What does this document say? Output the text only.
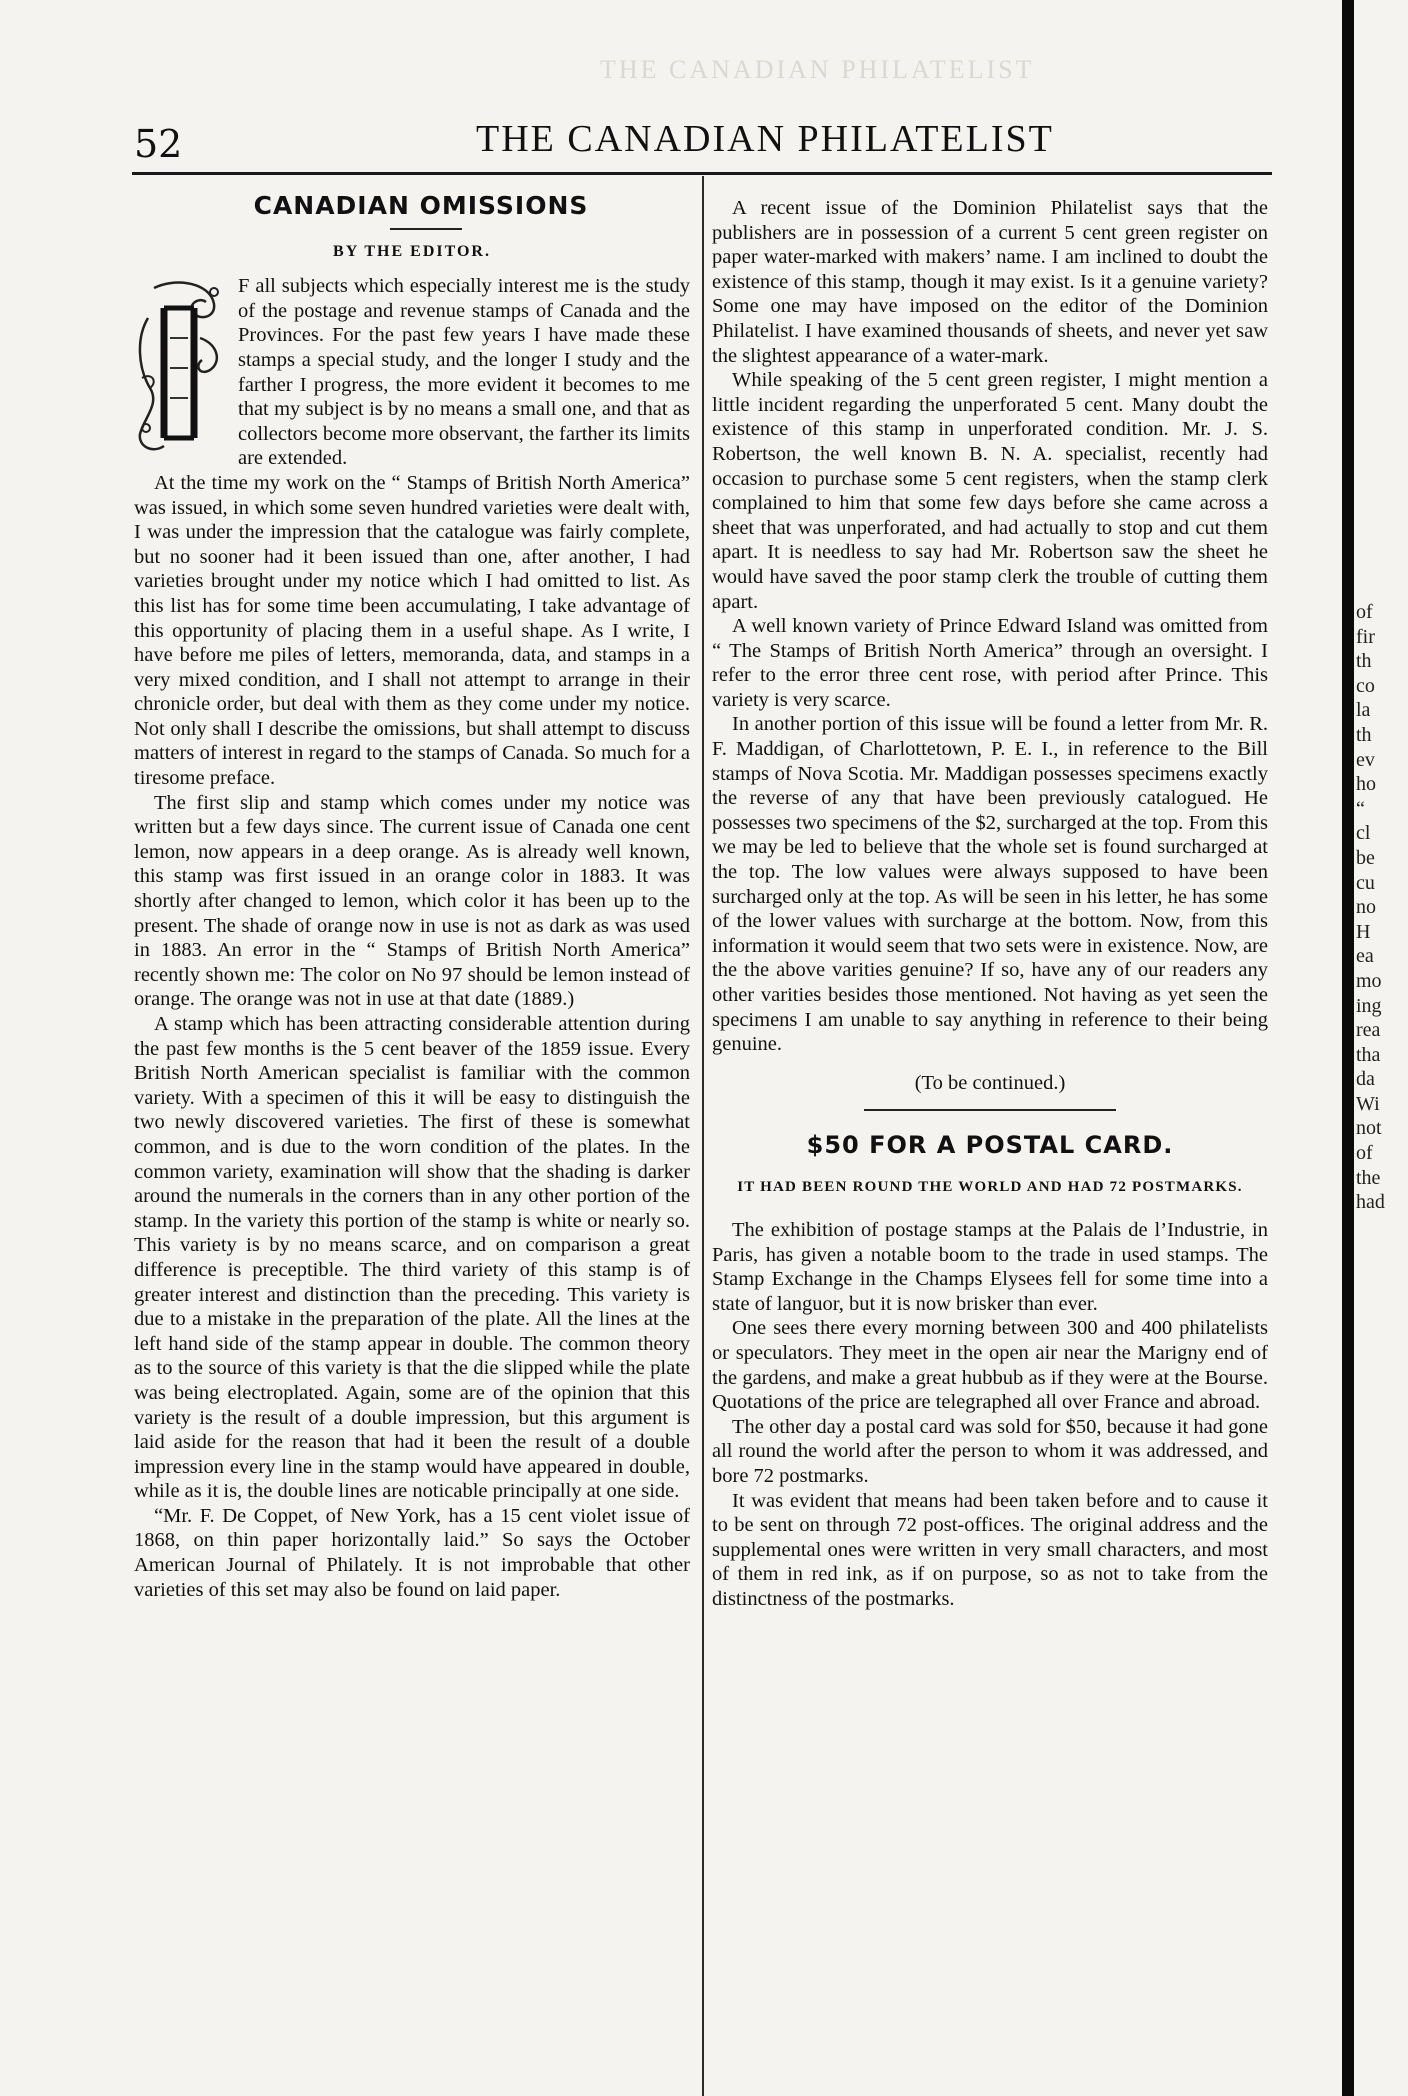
THE CANADIAN PHILATELIST
52	THE CANADIAN PHILATELIST
CANADIAN OMISSIONS
BY THE EDITOR.

F all subjects which especially interest me is the study of the postage and revenue stamps of Canada and the Provinces. For the past few years I have made these stamps a special study, and the longer I study and the farther I progress, the more evident it becomes to me that my subject is by no means a small one, and that as collectors become more observant, the farther its limits are extended.

At the time my work on the “ Stamps of British North America” was issued, in which some seven hundred varieties were dealt with, I was under the impression that the catalogue was fairly complete, but no sooner had it been issued than one, after another, I had varieties brought under my notice which I had omitted to list. As this list has for some time been accumulating, I take advantage of this opportunity of placing them in a useful shape. As I write, I have before me piles of letters, memoranda, data, and stamps in a very mixed condition, and I shall not attempt to arrange in their chronicle order, but deal with them as they come under my notice. Not only shall I describe the omissions, but shall attempt to discuss matters of interest in regard to the stamps of Canada. So much for a tiresome preface.

The first slip and stamp which comes under my notice was written but a few days since. The current issue of Canada one cent lemon, now appears in a deep orange. As is already well known, this stamp was first issued in an orange color in 1883. It was shortly after changed to lemon, which color it has been up to the present. The shade of orange now in use is not as dark as was used in 1883. An error in the “ Stamps of British North America” recently shown me: The color on No 97 should be lemon instead of orange. The orange was not in use at that date (1889.)

A stamp which has been attracting considerable attention during the past few months is the 5 cent beaver of the 1859 issue. Every British North American specialist is familiar with the common variety. With a specimen of this it will be easy to distinguish the two newly discovered varieties. The first of these is somewhat common, and is due to the worn condition of the plates. In the common variety, examination will show that the shading is darker around the numerals in the corners than in any other portion of the stamp. In the variety this portion of the stamp is white or nearly so. This variety is by no means scarce, and on comparison a great difference is preceptible. The third variety of this stamp is of greater interest and distinction than the preceding. This variety is due to a mistake in the preparation of the plate. All the lines at the left hand side of the stamp appear in double. The common theory as to the source of this variety is that the die slipped while the plate was being electroplated. Again, some are of the opinion that this variety is the result of a double impression, but this argument is laid aside for the reason that had it been the result of a double impression every line in the stamp would have appeared in double, while as it is, the double lines are noticable principally at one side.

“Mr. F. De Coppet, of New York, has a 15 cent violet issue of 1868, on thin paper horizontally laid.” So says the October American Journal of Philately. It is not improbable that other varieties of this set may also be found on laid paper.

A recent issue of the Dominion Philatelist says that the publishers are in possession of a current 5 cent green register on paper water-marked with makers’ name. I am inclined to doubt the existence of this stamp, though it may exist. Is it a genuine variety? Some one may have imposed on the editor of the Dominion Philatelist. I have examined thousands of sheets, and never yet saw the slightest appearance of a water-mark.

While speaking of the 5 cent green register, I might mention a little incident regarding the unperforated 5 cent. Many doubt the existence of this stamp in unperforated condition. Mr. J. S. Robertson, the well known B. N. A. specialist, recently had occasion to purchase some 5 cent registers, when the stamp clerk complained to him that some few days before she came across a sheet that was unperforated, and had actually to stop and cut them apart. It is needless to say had Mr. Robertson saw the sheet he would have saved the poor stamp clerk the trouble of cutting them apart.

A well known variety of Prince Edward Island was omitted from “ The Stamps of British North America” through an oversight. I refer to the error three cent rose, with period after Prince. This variety is very scarce.

In another portion of this issue will be found a letter from Mr. R. F. Maddigan, of Charlottetown, P. E. I., in reference to the Bill stamps of Nova Scotia. Mr. Maddigan possesses specimens exactly the reverse of any that have been previously catalogued. He possesses two specimens of the $2, surcharged at the top. From this we may be led to believe that the whole set is found surcharged at the top. The low values were always supposed to have been surcharged only at the top. As will be seen in his letter, he has some of the lower values with surcharge at the bottom. Now, from this information it would seem that two sets were in existence. Now, are the the above varities genuine? If so, have any of our readers any other varities besides those mentioned. Not having as yet seen the specimens I am unable to say anything in reference to their being genuine.

(To be continued.)

$50 FOR A POSTAL CARD.
IT HAD BEEN ROUND THE WORLD AND HAD 72 POSTMARKS.

The exhibition of postage stamps at the Palais de l’Industrie, in Paris, has given a notable boom to the trade in used stamps. The Stamp Exchange in the Champs Elysees fell for some time into a state of languor, but it is now brisker than ever.

One sees there every morning between 300 and 400 philatelists or speculators. They meet in the open air near the Marigny end of the gardens, and make a great hubbub as if they were at the Bourse. Quotations of the price are telegraphed all over France and abroad.

The other day a postal card was sold for $50, because it had gone all round the world after the person to whom it was addressed, and bore 72 postmarks.

It was evident that means had been taken before and to cause it to be sent on through 72 post-offices. The original address and the supplemental ones were written in very small characters, and most of them in red ink, as if on purpose, so as not to take from the distinctness of the postmarks.

of
fir
th
co
la
th
ev
ho
“
cl
be
cu
no
H
ea
mo
ing
rea
tha
da
Wi
not
of
the
had
